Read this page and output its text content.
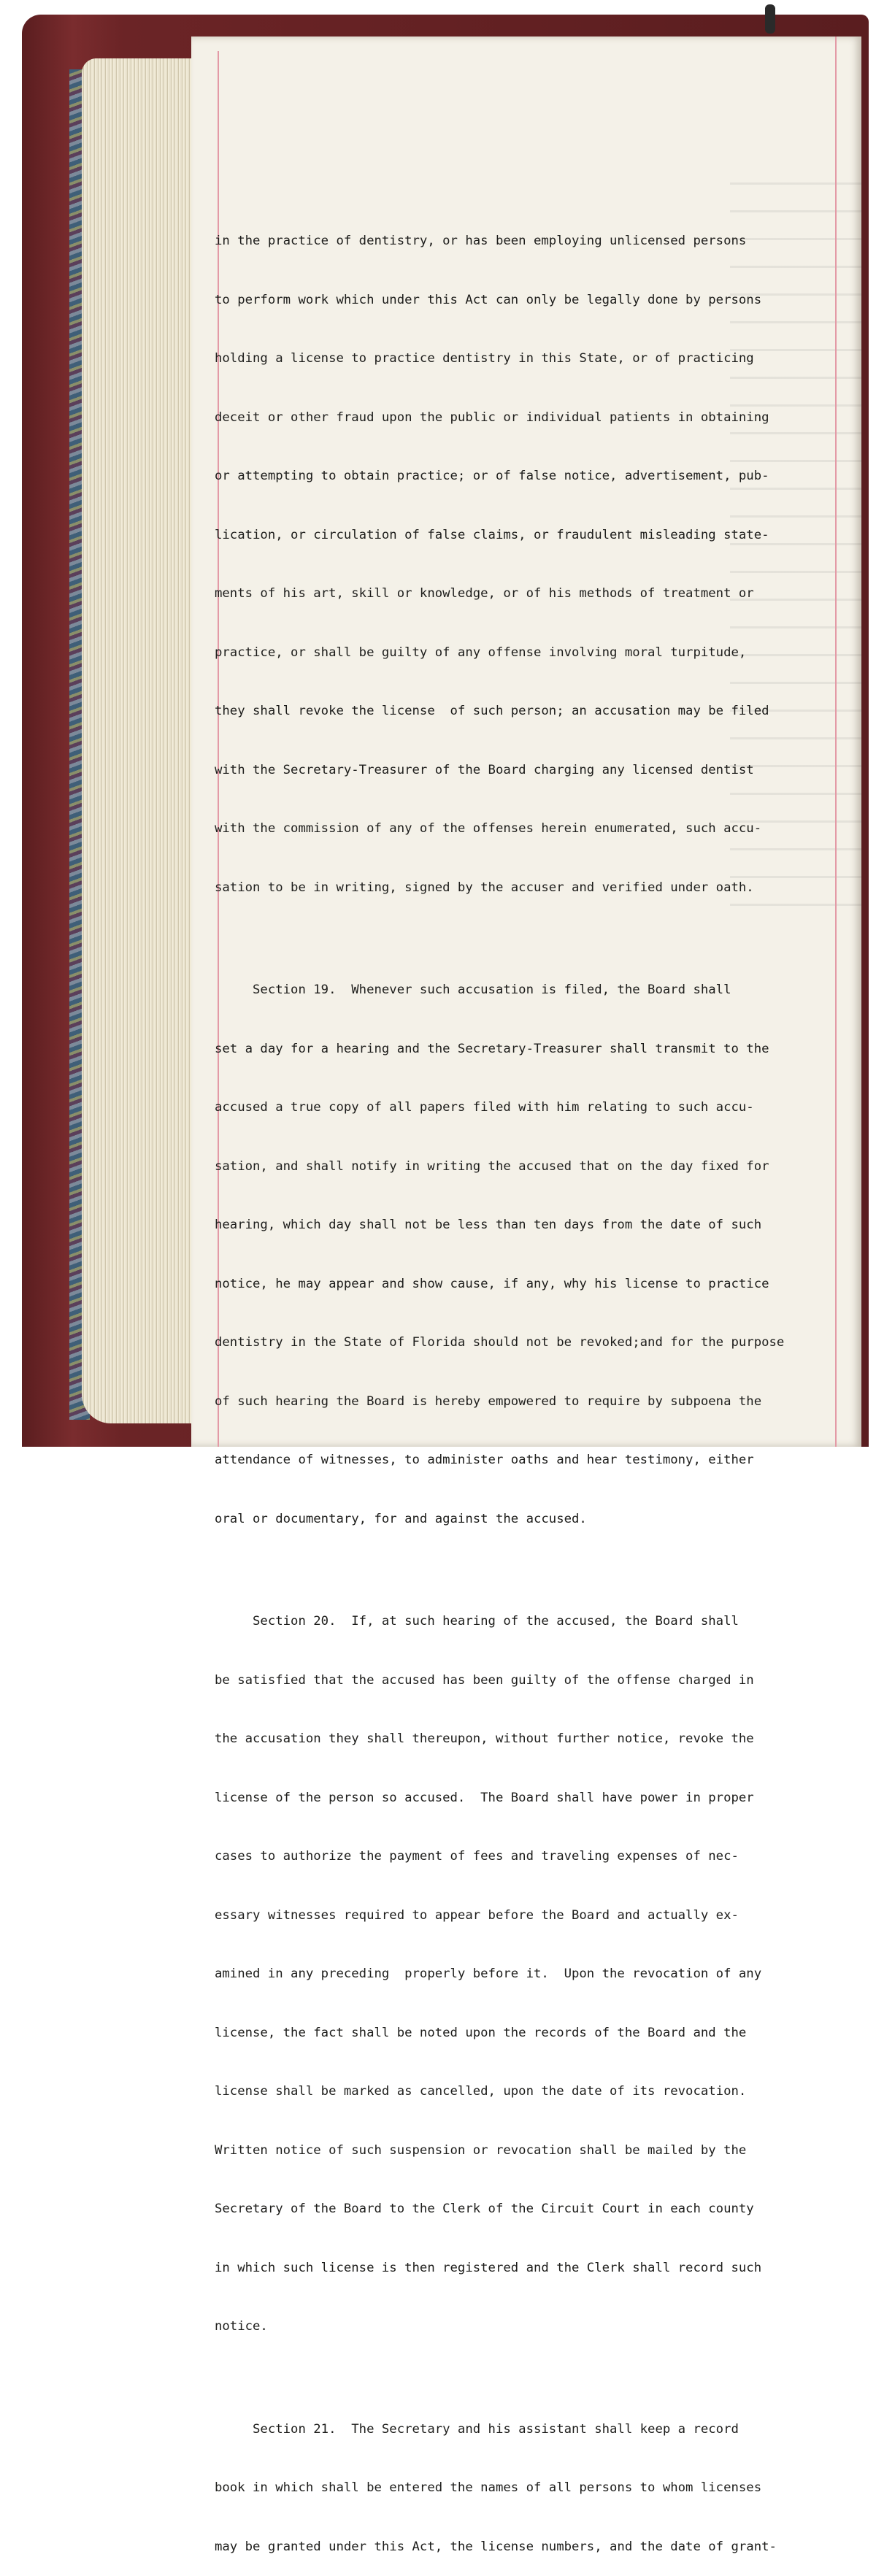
in the practice of dentistry, or has been employing unlicensed persons

to perform work which under this Act can only be legally done by persons

holding a license to practice dentistry in this State, or of practicing

deceit or other fraud upon the public or individual patients in obtaining

or attempting to obtain practice; or of false notice, advertisement, pub-

lication, or circulation of false claims, or fraudulent misleading state-

ments of his art, skill or knowledge, or of his methods of treatment or

practice, or shall be guilty of any offense involving moral turpitude,

they shall revoke the license  of such person; an accusation may be filed

with the Secretary-Treasurer of the Board charging any licensed dentist

with the commission of any of the offenses herein enumerated, such accu-

sation to be in writing, signed by the accuser and verified under oath.

Section 19.  Whenever such accusation is filed, the Board shall

set a day for a hearing and the Secretary-Treasurer shall transmit to the

accused a true copy of all papers filed with him relating to such accu-

sation, and shall notify in writing the accused that on the day fixed for

hearing, which day shall not be less than ten days from the date of such

notice, he may appear and show cause, if any, why his license to practice

dentistry in the State of Florida should not be revoked;and for the purpose

of such hearing the Board is hereby empowered to require by subpoena the

attendance of witnesses, to administer oaths and hear testimony, either

oral or documentary, for and against the accused.

Section 20.  If, at such hearing of the accused, the Board shall

be satisfied that the accused has been guilty of the offense charged in

the accusation they shall thereupon, without further notice, revoke the

license of the person so accused.  The Board shall have power in proper

cases to authorize the payment of fees and traveling expenses of nec-

essary witnesses required to appear before the Board and actually ex-

amined in any preceding  properly before it.  Upon the revocation of any

license, the fact shall be noted upon the records of the Board and the

license shall be marked as cancelled, upon the date of its revocation.

Written notice of such suspension or revocation shall be mailed by the

Secretary of the Board to the Clerk of the Circuit Court in each county

in which such license is then registered and the Clerk shall record such

notice.

Section 21.  The Secretary and his assistant shall keep a record

book in which shall be entered the names of all persons to whom licenses

may be granted under this Act, the license numbers, and the date of grant-
